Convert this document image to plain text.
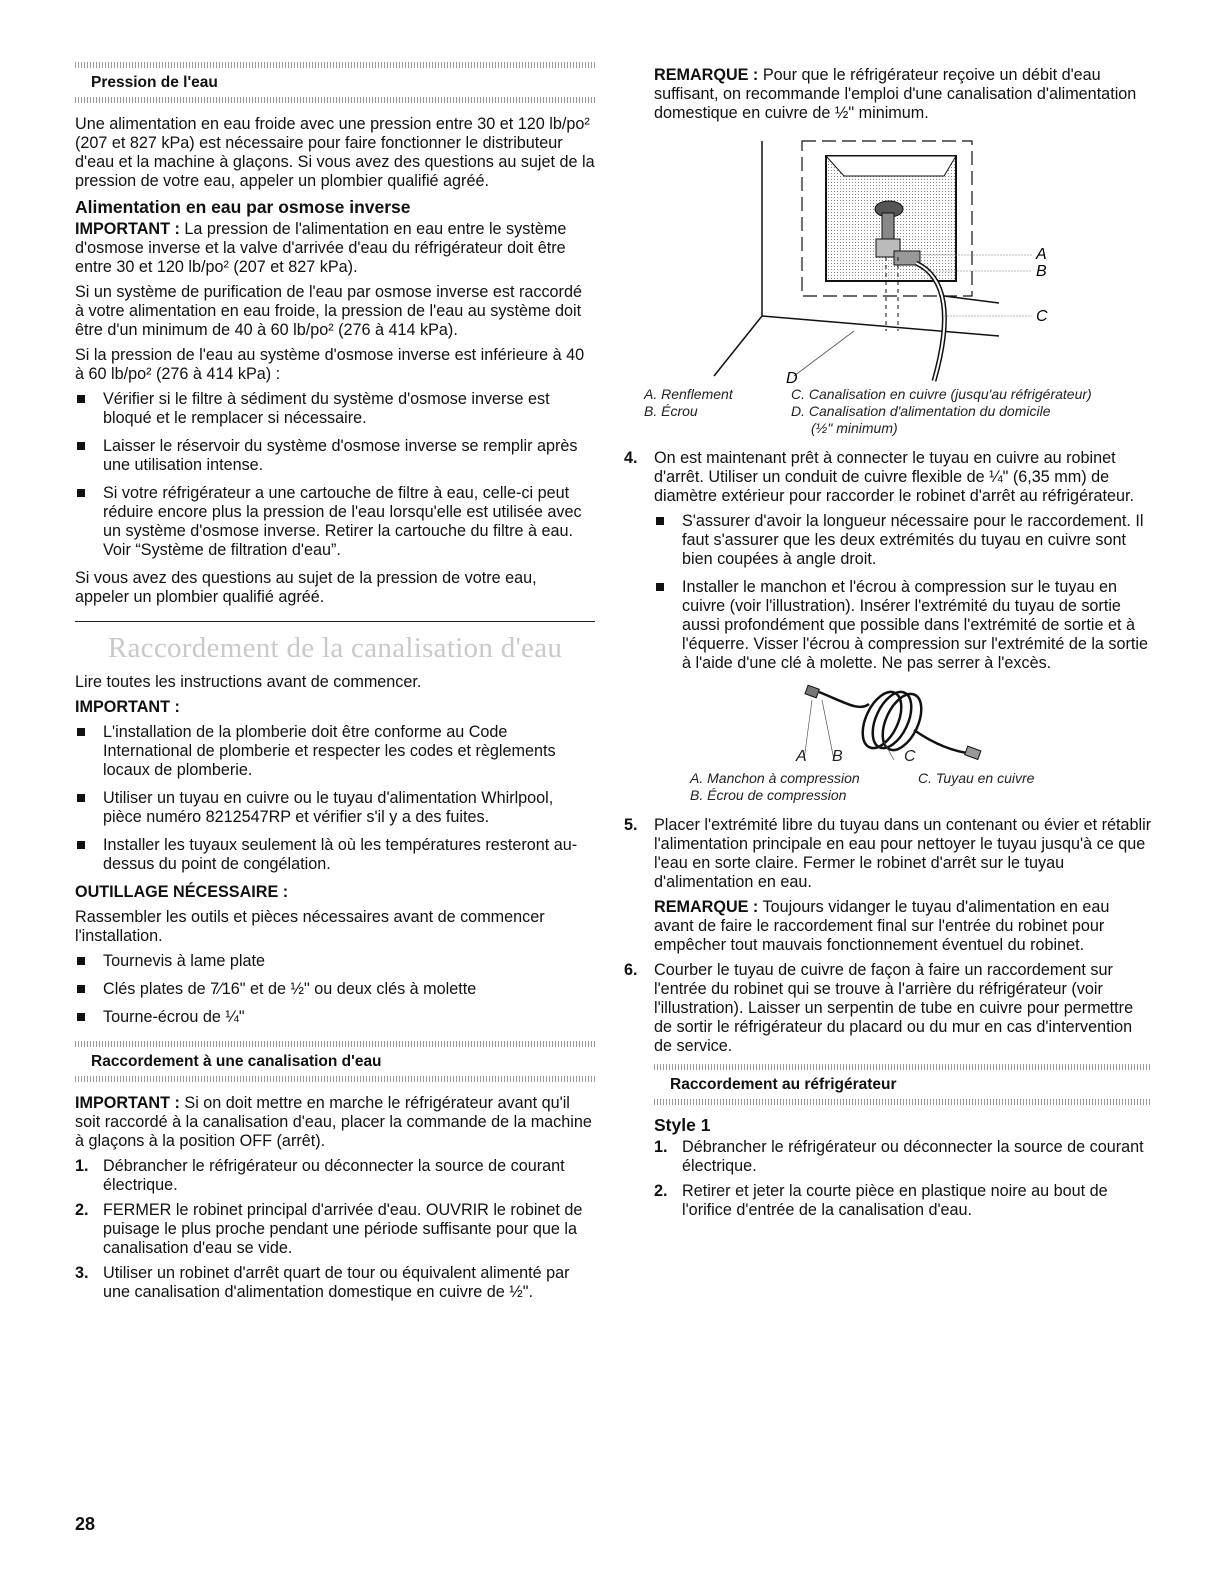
Pression de l'eau

Une alimentation en eau froide avec une pression entre 30 et 120 lb/po² (207 et 827 kPa) est nécessaire pour faire fonctionner le distributeur d'eau et la machine à glaçons. Si vous avez des questions au sujet de la pression de votre eau, appeler un plombier qualifié agréé.

Alimentation en eau par osmose inverse

IMPORTANT : La pression de l'alimentation en eau entre le système d'osmose inverse et la valve d'arrivée d'eau du réfrigérateur doit être entre 30 et 120 lb/po² (207 et 827 kPa).

Si un système de purification de l'eau par osmose inverse est raccordé à votre alimentation en eau froide, la pression de l'eau au système doit être d'un minimum de 40 à 60 lb/po² (276 à 414 kPa).

Si la pression de l'eau au système d'osmose inverse est inférieure à 40 à 60 lb/po² (276 à 414 kPa) :

Vérifier si le filtre à sédiment du système d'osmose inverse est bloqué et le remplacer si nécessaire.
Laisser le réservoir du système d'osmose inverse se remplir après une utilisation intense.
Si votre réfrigérateur a une cartouche de filtre à eau, celle-ci peut réduire encore plus la pression de l'eau lorsqu'elle est utilisée avec un système d'osmose inverse. Retirer la cartouche du filtre à eau. Voir “Système de filtration d'eau”.

Si vous avez des questions au sujet de la pression de votre eau, appeler un plombier qualifié agréé.

Raccordement de la canalisation d'eau

Lire toutes les instructions avant de commencer.

IMPORTANT :

L'installation de la plomberie doit être conforme au Code International de plomberie et respecter les codes et règlements locaux de plomberie.
Utiliser un tuyau en cuivre ou le tuyau d'alimentation Whirlpool, pièce numéro 8212547RP et vérifier s'il y a des fuites.
Installer les tuyaux seulement là où les températures resteront au-dessus du point de congélation.

OUTILLAGE NÉCESSAIRE :

Rassembler les outils et pièces nécessaires avant de commencer l'installation.

Tournevis à lame plate
Clés plates de 7⁄16" et de ½" ou deux clés à molette
Tourne-écrou de ¼"
Raccordement à une canalisation d'eau

IMPORTANT : Si on doit mettre en marche le réfrigérateur avant qu'il soit raccordé à la canalisation d'eau, placer la commande de la machine à glaçons à la position OFF (arrêt).

1. Débrancher le réfrigérateur ou déconnecter la source de courant électrique.
2. FERMER le robinet principal d'arrivée d'eau. OUVRIR le robinet de puisage le plus proche pendant une période suffisante pour que la canalisation d'eau se vide.
3. Utiliser un robinet d'arrêt quart de tour ou équivalent alimenté par une canalisation d'alimentation domestique en cuivre de ½".

REMARQUE : Pour que le réfrigérateur reçoive un débit d'eau suffisant, on recommande l'emploi d'une canalisation d'alimentation domestique en cuivre de ½" minimum.

A
B
C
D
A. Renflement
B. Écrou
C. Canalisation en cuivre (jusqu'au réfrigérateur)
D. Canalisation d'alimentation du domicile
(½" minimum)
4. On est maintenant prêt à connecter le tuyau en cuivre au robinet d'arrêt. Utiliser un conduit de cuivre flexible de ¼" (6,35 mm) de diamètre extérieur pour raccorder le robinet d'arrêt au réfrigérateur.
S'assurer d'avoir la longueur nécessaire pour le raccordement. Il faut s'assurer que les deux extrémités du tuyau en cuivre sont bien coupées à angle droit.
Installer le manchon et l'écrou à compression sur le tuyau en cuivre (voir l'illustration). Insérer l'extrémité du tuyau de sortie aussi profondément que possible dans l'extrémité de sortie et à l'équerre. Visser l'écrou à compression sur l'extrémité de la sortie à l'aide d'une clé à molette. Ne pas serrer à l'excès.
A B	C
A. Manchon à compression
B. Écrou de compression
C. Tuyau en cuivre
5. Placer l'extrémité libre du tuyau dans un contenant ou évier et rétablir l'alimentation principale en eau pour nettoyer le tuyau jusqu'à ce que l'eau en sorte claire. Fermer le robinet d'arrêt sur le tuyau d'alimentation en eau.

REMARQUE : Toujours vidanger le tuyau d'alimentation en eau avant de faire le raccordement final sur l'entrée du robinet pour empêcher tout mauvais fonctionnement éventuel du robinet.

6. Courber le tuyau de cuivre de façon à faire un raccordement sur l'entrée du robinet qui se trouve à l'arrière du réfrigérateur (voir l'illustration). Laisser un serpentin de tube en cuivre pour permettre de sortir le réfrigérateur du placard ou du mur en cas d'intervention de service.
Raccordement au réfrigérateur
Style 1
1. Débrancher le réfrigérateur ou déconnecter la source de courant électrique.
2. Retirer et jeter la courte pièce en plastique noire au bout de l'orifice d'entrée de la canalisation d'eau.
28
